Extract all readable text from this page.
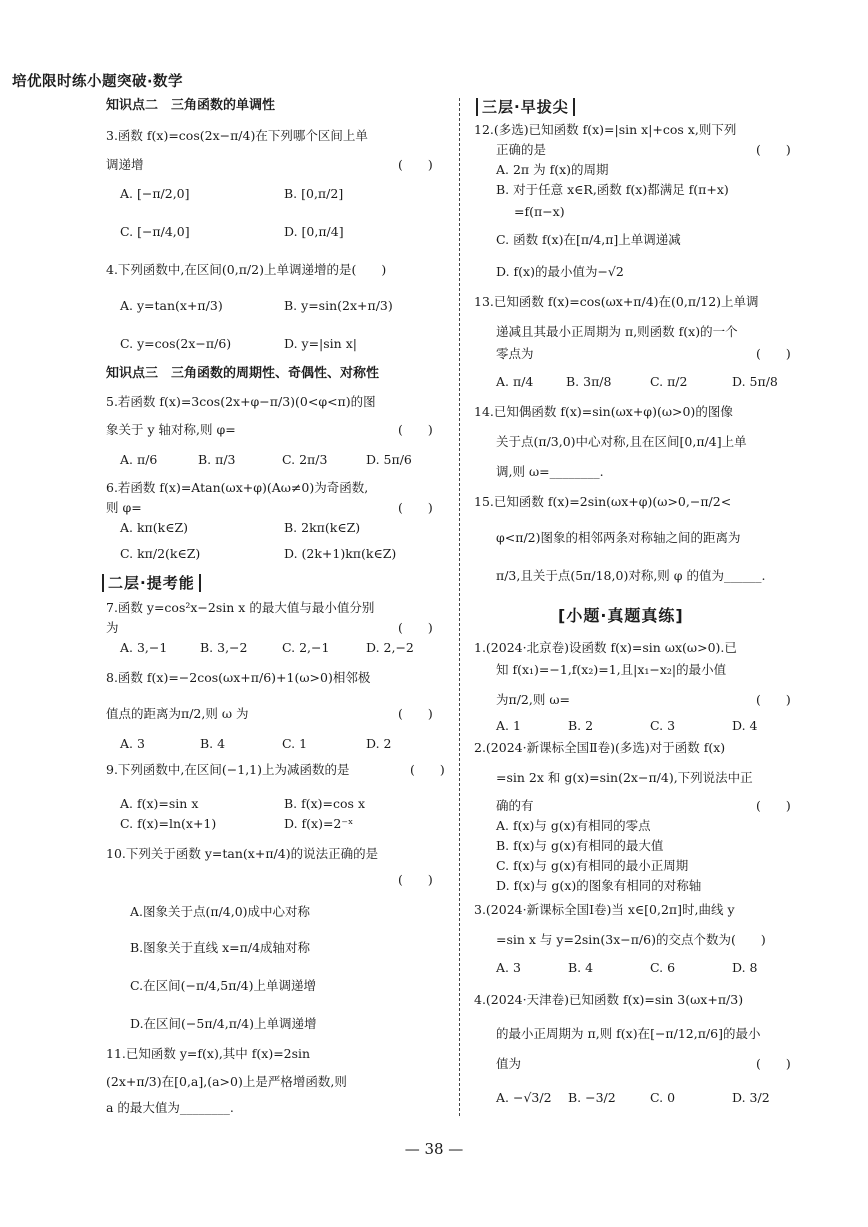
培优限时练小题突破·数学
知识点二　三角函数的单调性
3.函数 f(x)=cos(2x−π/4)在下列哪个区间上单
调递增	(　　)
A. [−π/2,0]	B. [0,π/2]
C. [−π/4,0]	D. [0,π/4]
4.下列函数中,在区间(0,π/2)上单调递增的是(　　)
A. y=tan(x+π/3)	B. y=sin(2x+π/3)
C. y=cos(2x−π/6)	D. y=|sin x|
知识点三　三角函数的周期性、奇偶性、对称性
5.若函数 f(x)=3cos(2x+φ−π/3)(0<φ<π)的图
象关于 y 轴对称,则 φ=	(　　)
A. π/6	B. π/3	C. 2π/3	D. 5π/6
6.若函数 f(x)=Atan(ωx+φ)(Aω≠0)为奇函数,
则 φ=	(　　)
A. kπ(k∈Z)	B. 2kπ(k∈Z)
C. kπ/2(k∈Z)	D. (2k+1)kπ(k∈Z)
二层·提考能
7.函数 y=cos²x−2sin x 的最大值与最小值分别
为	(　　)
A. 3,−1	B. 3,−2	C. 2,−1	D. 2,−2
8.函数 f(x)=−2cos(ωx+π/6)+1(ω>0)相邻极
值点的距离为π/2,则 ω 为	(　　)
A. 3	B. 4	C. 1	D. 2
9.下列函数中,在区间(−1,1)上为减函数的是	(　　)
A. f(x)=sin x	B. f(x)=cos x
C. f(x)=ln(x+1)	D. f(x)=2⁻ˣ
10.下列关于函数 y=tan(x+π/4)的说法正确的是
(　　)
A.图象关于点(π/4,0)成中心对称
B.图象关于直线 x=π/4成轴对称
C.在区间(−π/4,5π/4)上单调递增
D.在区间(−5π/4,π/4)上单调递增
11.已知函数 y=f(x),其中 f(x)=2sin
(2x+π/3)在[0,a],(a>0)上是严格增函数,则
a 的最大值为________.
三层·早拔尖
12.(多选)已知函数 f(x)=|sin x|+cos x,则下列
正确的是	(　　)
A. 2π 为 f(x)的周期
B. 对于任意 x∈R,函数 f(x)都满足 f(π+x)
=f(π−x)
C. 函数 f(x)在[π/4,π]上单调递减
D. f(x)的最小值为−√2
13.已知函数 f(x)=cos(ωx+π/4)在(0,π/12)上单调
递减且其最小正周期为 π,则函数 f(x)的一个
零点为	(　　)
A. π/4	B. 3π/8	C. π/2	D. 5π/8
14.已知偶函数 f(x)=sin(ωx+φ)(ω>0)的图像
关于点(π/3,0)中心对称,且在区间[0,π/4]上单
调,则 ω=________.
15.已知函数 f(x)=2sin(ωx+φ)(ω>0,−π/2<
φ<π/2)图象的相邻两条对称轴之间的距离为
π/3,且关于点(5π/18,0)对称,则 φ 的值为______.
[小题·真题真练]
1.(2024·北京卷)设函数 f(x)=sin ωx(ω>0).已
知 f(x₁)=−1,f(x₂)=1,且|x₁−x₂|的最小值
为π/2,则 ω=	(　　)
A. 1	B. 2	C. 3	D. 4
2.(2024·新课标全国Ⅱ卷)(多选)对于函数 f(x)
=sin 2x 和 g(x)=sin(2x−π/4),下列说法中正
确的有	(　　)
A. f(x)与 g(x)有相同的零点
B. f(x)与 g(x)有相同的最大值
C. f(x)与 g(x)有相同的最小正周期
D. f(x)与 g(x)的图象有相同的对称轴
3.(2024·新课标全国Ⅰ卷)当 x∈[0,2π]时,曲线 y
=sin x 与 y=2sin(3x−π/6)的交点个数为(　　)
A. 3	B. 4	C. 6	D. 8
4.(2024·天津卷)已知函数 f(x)=sin 3(ωx+π/3)
的最小正周期为 π,则 f(x)在[−π/12,π/6]的最小
值为	(　　)
A. −√3/2 B. −3/2	C. 0	D. 3/2
— 38 —
